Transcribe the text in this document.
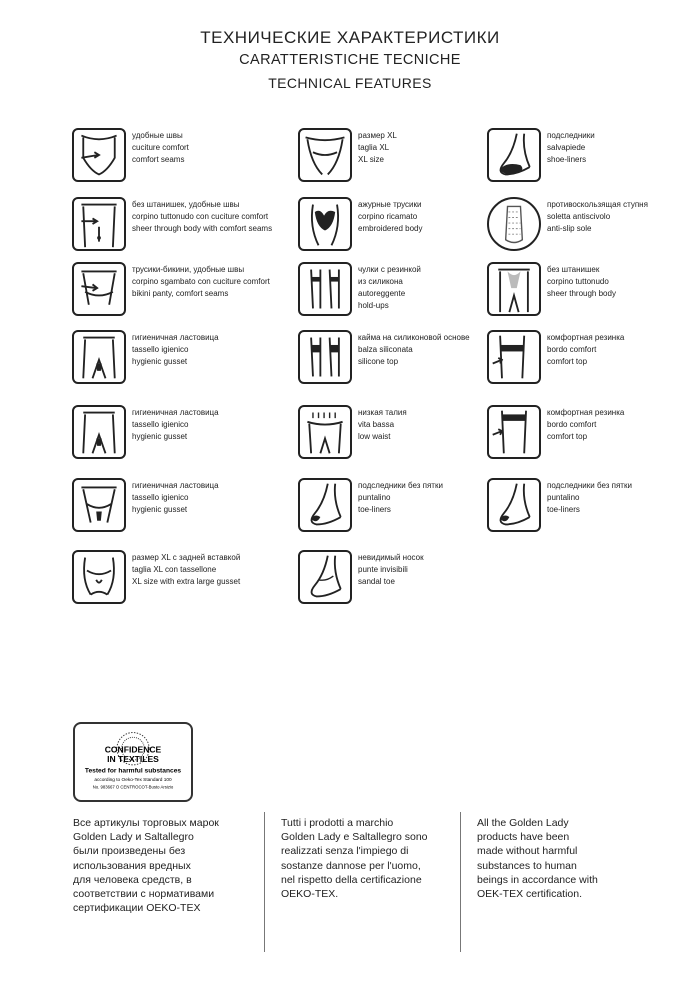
ТЕХНИЧЕСКИЕ ХАРАКТЕРИСТИКИ
CARATTERISTICHE TECNICHE
TECHNICAL FEATURES
удобные швы
cuciture comfort
comfort seams
без штанишек, удобные швы
corpino tuttonudo con cuciture comfort
sheer through body with comfort seams
трусики-бикини, удобные швы
corpino sgambato con cuciture comfort
bikini panty, comfort seams
гигиеничная ластовица
tassello igienico
hygienic gusset
гигиеничная ластовица
tassello igienico
hygienic gusset
гигиеничная ластовица
tassello igienico
hygienic gusset
размер XL с задней вставкой
taglia XL con tassellone
XL size with extra large gusset
размер XL
taglia XL
XL size
ажурные трусики
corpino ricamato
embroidered body
чулки с резинкой
из силикона
autoreggente
hold-ups
кайма на силиконовой основе
balza siliconata
silicone top
низкая талия
vita bassa
low waist
подследники без пятки
puntalino
toe-liners
невидимый носок
punte invisibili
sandal toe
подследники
salvapiede
shoe-liners
противоскользящая ступня
soletta antiscivolo
anti-slip sole
без штанишек
corpino tuttonudo
sheer through body
комфортная резинка
bordo comfort
comfort top
комфортная резинка
bordo comfort
comfort top
подследники без пятки
puntalino
toe-liners
CONFIDENCE
IN TEXTILES
Tested for harmful substances
according to Oeko-Tex Standard 100
No. 983667 O CENTROCOT-Busto Arsizio
Все артикулы торговых марок
Golden Lady и Saltallegro
были произведены без
использования вредных
для человека средств, в
соответствии с нормативами
сертификации OEKO-TEX
Tutti i prodotti a marchio
Golden Lady e Saltallegro sono
realizzati senza l'impiego di
sostanze dannose per l'uomo,
nel rispetto della certificazione
OEKO-TEX.
All the Golden Lady
products have been
made without harmful
substances to human
beings in accordance with
OEK-TEX certification.
